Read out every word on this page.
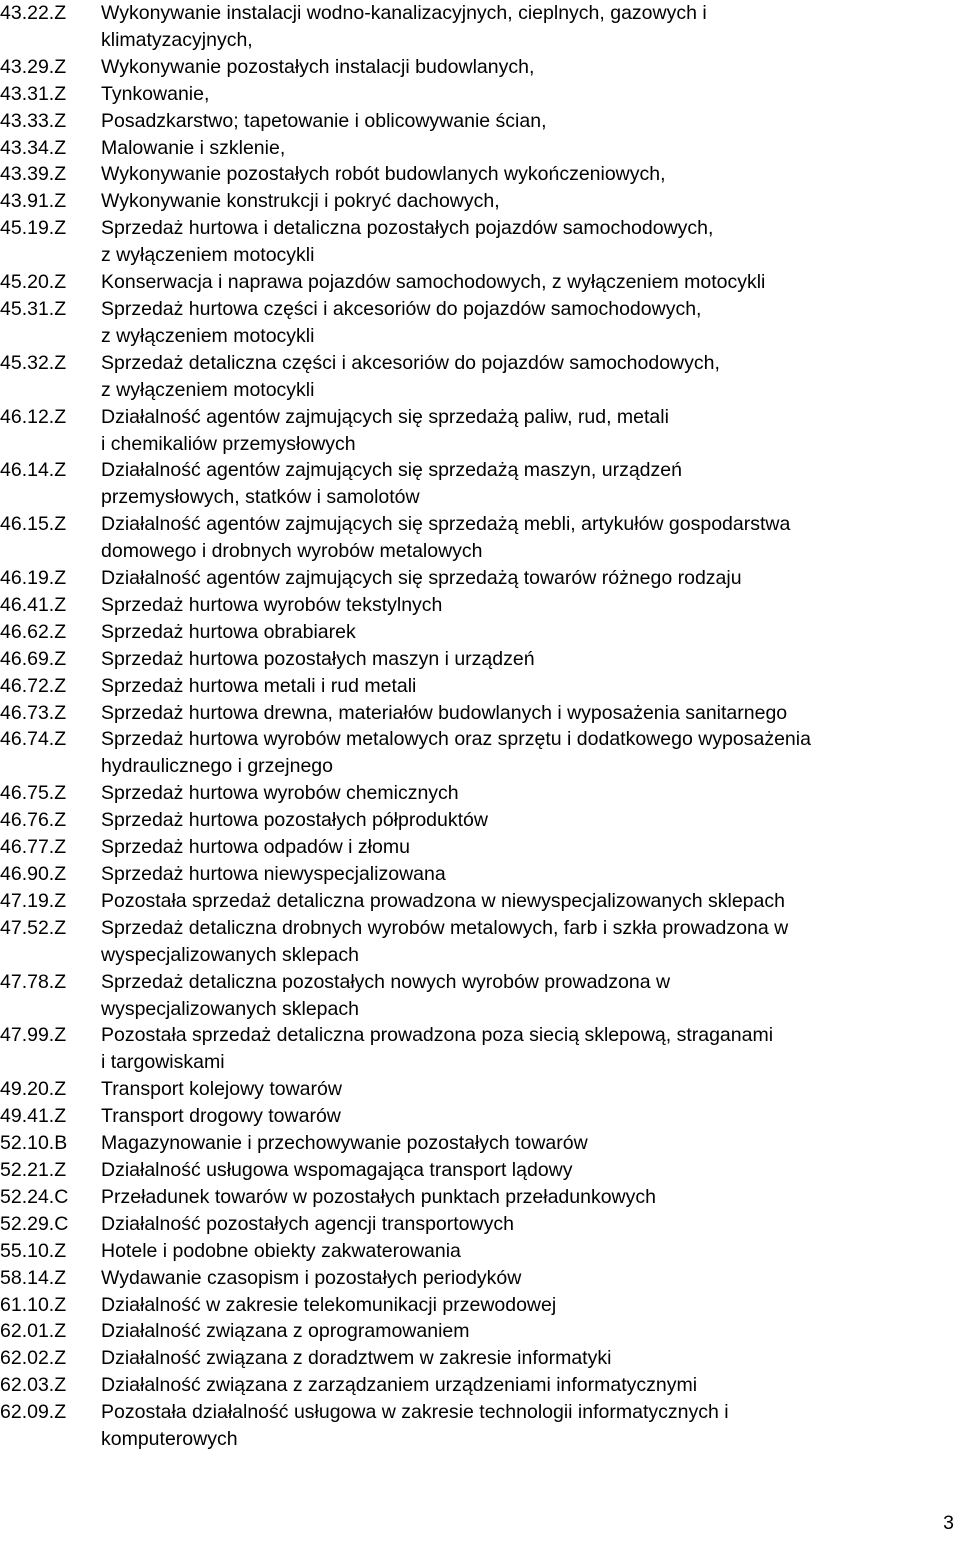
43.22.Z	Wykonywanie instalacji wodno-kanalizacyjnych, cieplnych, gazowych i
klimatyzacyjnych,
43.29.Z	Wykonywanie pozostałych instalacji budowlanych,
43.31.Z	Tynkowanie,
43.33.Z	Posadzkarstwo; tapetowanie i oblicowywanie ścian,
43.34.Z	Malowanie i szklenie,
43.39.Z	Wykonywanie pozostałych robót budowlanych wykończeniowych,
43.91.Z	Wykonywanie konstrukcji i pokryć dachowych,
45.19.Z	Sprzedaż hurtowa i detaliczna pozostałych pojazdów samochodowych,
z wyłączeniem motocykli
45.20.Z	Konserwacja i naprawa pojazdów samochodowych, z wyłączeniem motocykli
45.31.Z	Sprzedaż hurtowa części i akcesoriów do pojazdów samochodowych,
z wyłączeniem motocykli
45.32.Z	Sprzedaż detaliczna części i akcesoriów do pojazdów samochodowych,
z wyłączeniem motocykli
46.12.Z	Działalność agentów zajmujących się sprzedażą paliw, rud, metali
i chemikaliów przemysłowych
46.14.Z	Działalność agentów zajmujących się sprzedażą maszyn, urządzeń
przemysłowych, statków i samolotów
46.15.Z	Działalność agentów zajmujących się sprzedażą mebli, artykułów gospodarstwa
domowego i drobnych wyrobów metalowych
46.19.Z	Działalność agentów zajmujących się sprzedażą towarów różnego rodzaju
46.41.Z	Sprzedaż hurtowa wyrobów tekstylnych
46.62.Z	Sprzedaż hurtowa obrabiarek
46.69.Z	Sprzedaż hurtowa pozostałych maszyn i urządzeń
46.72.Z	Sprzedaż hurtowa metali i rud metali
46.73.Z	Sprzedaż hurtowa drewna, materiałów budowlanych i wyposażenia sanitarnego
46.74.Z	Sprzedaż hurtowa wyrobów metalowych oraz sprzętu i dodatkowego wyposażenia
hydraulicznego i grzejnego
46.75.Z	Sprzedaż hurtowa wyrobów chemicznych
46.76.Z	Sprzedaż hurtowa pozostałych półproduktów
46.77.Z	Sprzedaż hurtowa odpadów i złomu
46.90.Z	Sprzedaż hurtowa niewyspecjalizowana
47.19.Z	Pozostała sprzedaż detaliczna prowadzona w niewyspecjalizowanych sklepach
47.52.Z	Sprzedaż detaliczna drobnych wyrobów metalowych, farb i szkła prowadzona w
wyspecjalizowanych sklepach
47.78.Z	Sprzedaż detaliczna pozostałych nowych wyrobów prowadzona w
wyspecjalizowanych sklepach
47.99.Z	Pozostała sprzedaż detaliczna prowadzona poza siecią sklepową, straganami
i targowiskami
49.20.Z	Transport kolejowy towarów
49.41.Z	Transport drogowy towarów
52.10.B	Magazynowanie i przechowywanie pozostałych towarów
52.21.Z	Działalność usługowa wspomagająca transport lądowy
52.24.C	Przeładunek towarów w pozostałych punktach przeładunkowych
52.29.C	Działalność pozostałych agencji transportowych
55.10.Z	Hotele i podobne obiekty zakwaterowania
58.14.Z	Wydawanie czasopism i pozostałych periodyków
61.10.Z	Działalność w zakresie telekomunikacji przewodowej
62.01.Z	Działalność związana z oprogramowaniem
62.02.Z	Działalność związana z doradztwem w zakresie informatyki
62.03.Z	Działalność związana z zarządzaniem urządzeniami informatycznymi
62.09.Z	Pozostała działalność usługowa w zakresie technologii informatycznych i
komputerowych
3
